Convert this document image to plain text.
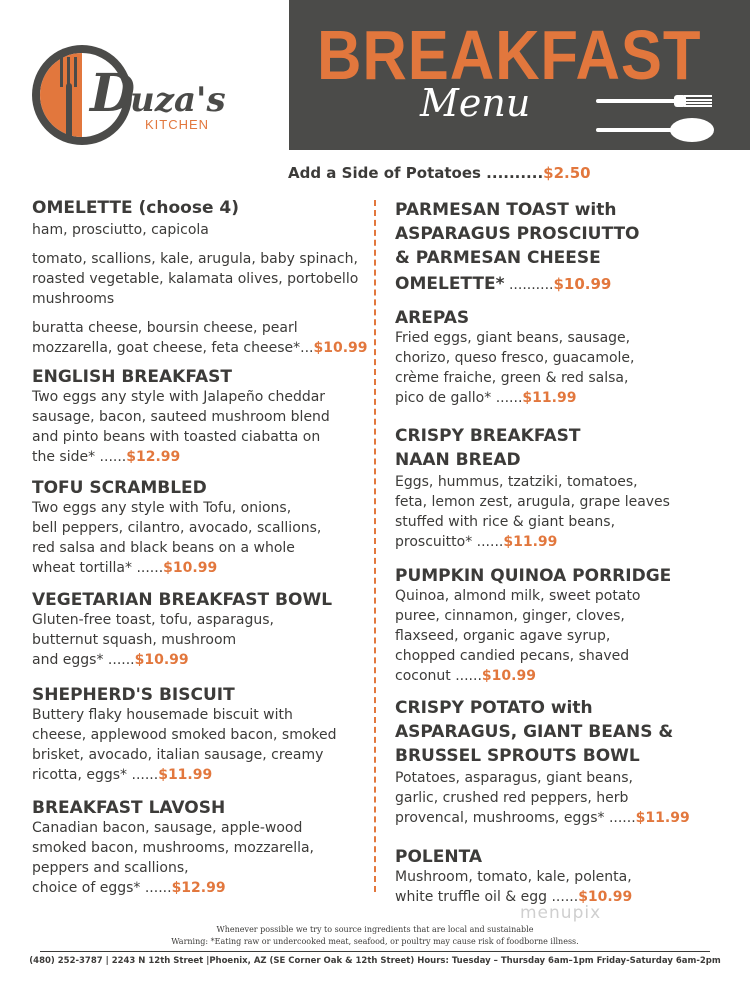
BREAKFAST
Menu
D
uza's
KITCHEN
Add a Side of Potatoes ..........$2.50
OMELETTE (choose 4)
ham, prosciutto, capicola
tomato, scallions, kale, arugula, baby spinach,
roasted vegetable, kalamata olives, portobello
mushrooms
buratta cheese, boursin cheese, pearl
mozzarella, goat cheese, feta cheese*...$10.99
ENGLISH BREAKFAST
Two eggs any style with Jalapeño cheddar
sausage, bacon, sauteed mushroom blend
and pinto beans with toasted ciabatta on
the side* ......$12.99
TOFU SCRAMBLED
Two eggs any style with Tofu, onions,
bell peppers, cilantro, avocado, scallions,
red salsa and black beans on a whole
wheat tortilla* ......$10.99
VEGETARIAN BREAKFAST BOWL
Gluten-free toast, tofu, asparagus,
butternut squash, mushroom
and eggs* ......$10.99
SHEPHERD'S BISCUIT
Buttery flaky housemade biscuit with
cheese, applewood smoked bacon, smoked
brisket, avocado, italian sausage, creamy
ricotta, eggs* ......$11.99
BREAKFAST LAVOSH
Canadian bacon, sausage, apple-wood
smoked bacon, mushrooms, mozzarella,
peppers and scallions,
choice of eggs* ......$12.99
PARMESAN TOAST with
ASPARAGUS PROSCIUTTO
& PARMESAN CHEESE
OMELETTE* ..........$10.99
AREPAS
Fried eggs, giant beans, sausage,
chorizo, queso fresco, guacamole,
crème fraiche, green & red salsa,
pico de gallo* ......$11.99
CRISPY BREAKFAST
NAAN BREAD
Eggs, hummus, tzatziki, tomatoes,
feta, lemon zest, arugula, grape leaves
stuffed with rice & giant beans,
proscuitto* ......$11.99
PUMPKIN QUINOA PORRIDGE
Quinoa, almond milk, sweet potato
puree, cinnamon, ginger, cloves,
flaxseed, organic agave syrup,
chopped candied pecans, shaved
coconut ......$10.99
CRISPY POTATO with
ASPARAGUS, GIANT BEANS &
BRUSSEL SPROUTS BOWL
Potatoes, asparagus, giant beans,
garlic, crushed red peppers, herb
provencal, mushrooms, eggs* ......$11.99
POLENTA
Mushroom, tomato, kale, polenta,
white truffle oil & egg ......$10.99
menupix
Whenever possible we try to source ingredients that are local and sustainable
Warning: *Eating raw or undercooked meat, seafood, or poultry may cause risk of foodborne illness.
(480) 252-3787 | 2243 N 12th Street |Phoenix, AZ (SE Corner Oak & 12th Street) Hours: Tuesday – Thursday 6am–1pm Friday-Saturday 6am-2pm
